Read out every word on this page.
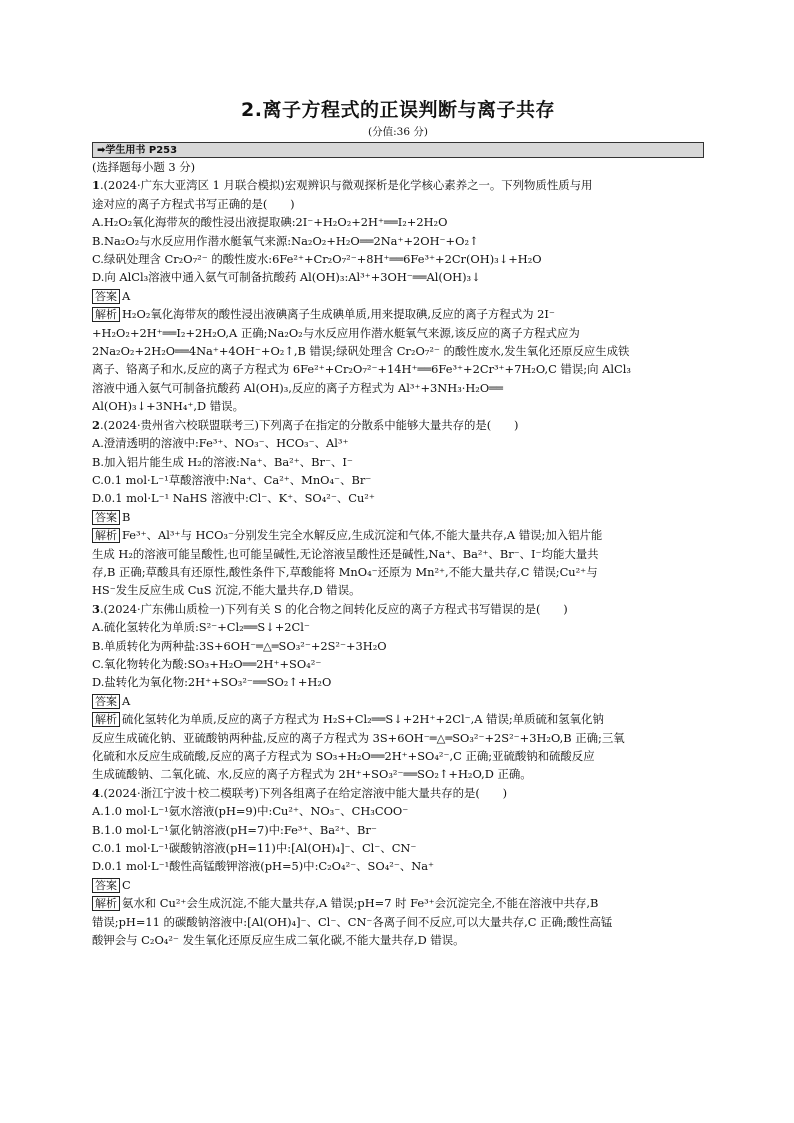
2.离子方程式的正误判断与离子共存
(分值:36 分)
➡学生用书 P253
(选择题每小题 3 分)
1.(2024·广东大亚湾区 1 月联合模拟)宏观辨识与微观探析是化学核心素养之一。下列物质性质与用
途对应的离子方程式书写正确的是(　　)
A.H₂O₂氧化海带灰的酸性浸出液提取碘:2I⁻+H₂O₂+2H⁺══I₂+2H₂O
B.Na₂O₂与水反应用作潜水艇氧气来源:Na₂O₂+H₂O══2Na⁺+2OH⁻+O₂↑
C.绿矾处理含 Cr₂O₇²⁻ 的酸性废水:6Fe²⁺+Cr₂O₇²⁻+8H⁺══6Fe³⁺+2Cr(OH)₃↓+H₂O
D.向 AlCl₃溶液中通入氨气可制备抗酸药 Al(OH)₃:Al³⁺+3OH⁻══Al(OH)₃↓
答案 A
解析 H₂O₂氧化海带灰的酸性浸出液碘离子生成碘单质,用来提取碘,反应的离子方程式为 2I⁻
+H₂O₂+2H⁺══I₂+2H₂O,A 正确;Na₂O₂与水反应用作潜水艇氧气来源,该反应的离子方程式应为
2Na₂O₂+2H₂O══4Na⁺+4OH⁻+O₂↑,B 错误;绿矾处理含 Cr₂O₇²⁻ 的酸性废水,发生氧化还原反应生成铁
离子、铬离子和水,反应的离子方程式为 6Fe²⁺+Cr₂O₇²⁻+14H⁺══6Fe³⁺+2Cr³⁺+7H₂O,C 错误;向 AlCl₃
溶液中通入氨气可制备抗酸药 Al(OH)₃,反应的离子方程式为 Al³⁺+3NH₃·H₂O══
Al(OH)₃↓+3NH₄⁺,D 错误。
2.(2024·贵州省六校联盟联考三)下列离子在指定的分散系中能够大量共存的是(　　)
A.澄清透明的溶液中:Fe³⁺、NO₃⁻、HCO₃⁻、Al³⁺
B.加入铝片能生成 H₂的溶液:Na⁺、Ba²⁺、Br⁻、I⁻
C.0.1 mol·L⁻¹草酸溶液中:Na⁺、Ca²⁺、MnO₄⁻、Br⁻
D.0.1 mol·L⁻¹ NaHS 溶液中:Cl⁻、K⁺、SO₄²⁻、Cu²⁺
答案 B
解析 Fe³⁺、Al³⁺与 HCO₃⁻分别发生完全水解反应,生成沉淀和气体,不能大量共存,A 错误;加入铝片能
生成 H₂的溶液可能呈酸性,也可能呈碱性,无论溶液呈酸性还是碱性,Na⁺、Ba²⁺、Br⁻、I⁻均能大量共
存,B 正确;草酸具有还原性,酸性条件下,草酸能将 MnO₄⁻还原为 Mn²⁺,不能大量共存,C 错误;Cu²⁺与
HS⁻发生反应生成 CuS 沉淀,不能大量共存,D 错误。
3.(2024·广东佛山质检一)下列有关 S 的化合物之间转化反应的离子方程式书写错误的是(　　)
A.硫化氢转化为单质:S²⁻+Cl₂══S↓+2Cl⁻
B.单质转化为两种盐:3S+6OH⁻═△═SO₃²⁻+2S²⁻+3H₂O
C.氧化物转化为酸:SO₃+H₂O══2H⁺+SO₄²⁻
D.盐转化为氧化物:2H⁺+SO₃²⁻══SO₂↑+H₂O
答案 A
解析 硫化氢转化为单质,反应的离子方程式为 H₂S+Cl₂══S↓+2H⁺+2Cl⁻,A 错误;单质硫和氢氧化钠
反应生成硫化钠、亚硫酸钠两种盐,反应的离子方程式为 3S+6OH⁻═△═SO₃²⁻+2S²⁻+3H₂O,B 正确;三氧
化硫和水反应生成硫酸,反应的离子方程式为 SO₃+H₂O══2H⁺+SO₄²⁻,C 正确;亚硫酸钠和硫酸反应
生成硫酸钠、二氧化硫、水,反应的离子方程式为 2H⁺+SO₃²⁻══SO₂↑+H₂O,D 正确。
4.(2024·浙江宁波十校二模联考)下列各组离子在给定溶液中能大量共存的是(　　)
A.1.0 mol·L⁻¹氨水溶液(pH=9)中:Cu²⁺、NO₃⁻、CH₃COO⁻
B.1.0 mol·L⁻¹氯化钠溶液(pH=7)中:Fe³⁺、Ba²⁺、Br⁻
C.0.1 mol·L⁻¹碳酸钠溶液(pH=11)中:[Al(OH)₄]⁻、Cl⁻、CN⁻
D.0.1 mol·L⁻¹酸性高锰酸钾溶液(pH=5)中:C₂O₄²⁻、SO₄²⁻、Na⁺
答案 C
解析 氨水和 Cu²⁺会生成沉淀,不能大量共存,A 错误;pH=7 时 Fe³⁺会沉淀完全,不能在溶液中共存,B
错误;pH=11 的碳酸钠溶液中:[Al(OH)₄]⁻、Cl⁻、CN⁻各离子间不反应,可以大量共存,C 正确;酸性高锰
酸钾会与 C₂O₄²⁻ 发生氧化还原反应生成二氧化碳,不能大量共存,D 错误。
